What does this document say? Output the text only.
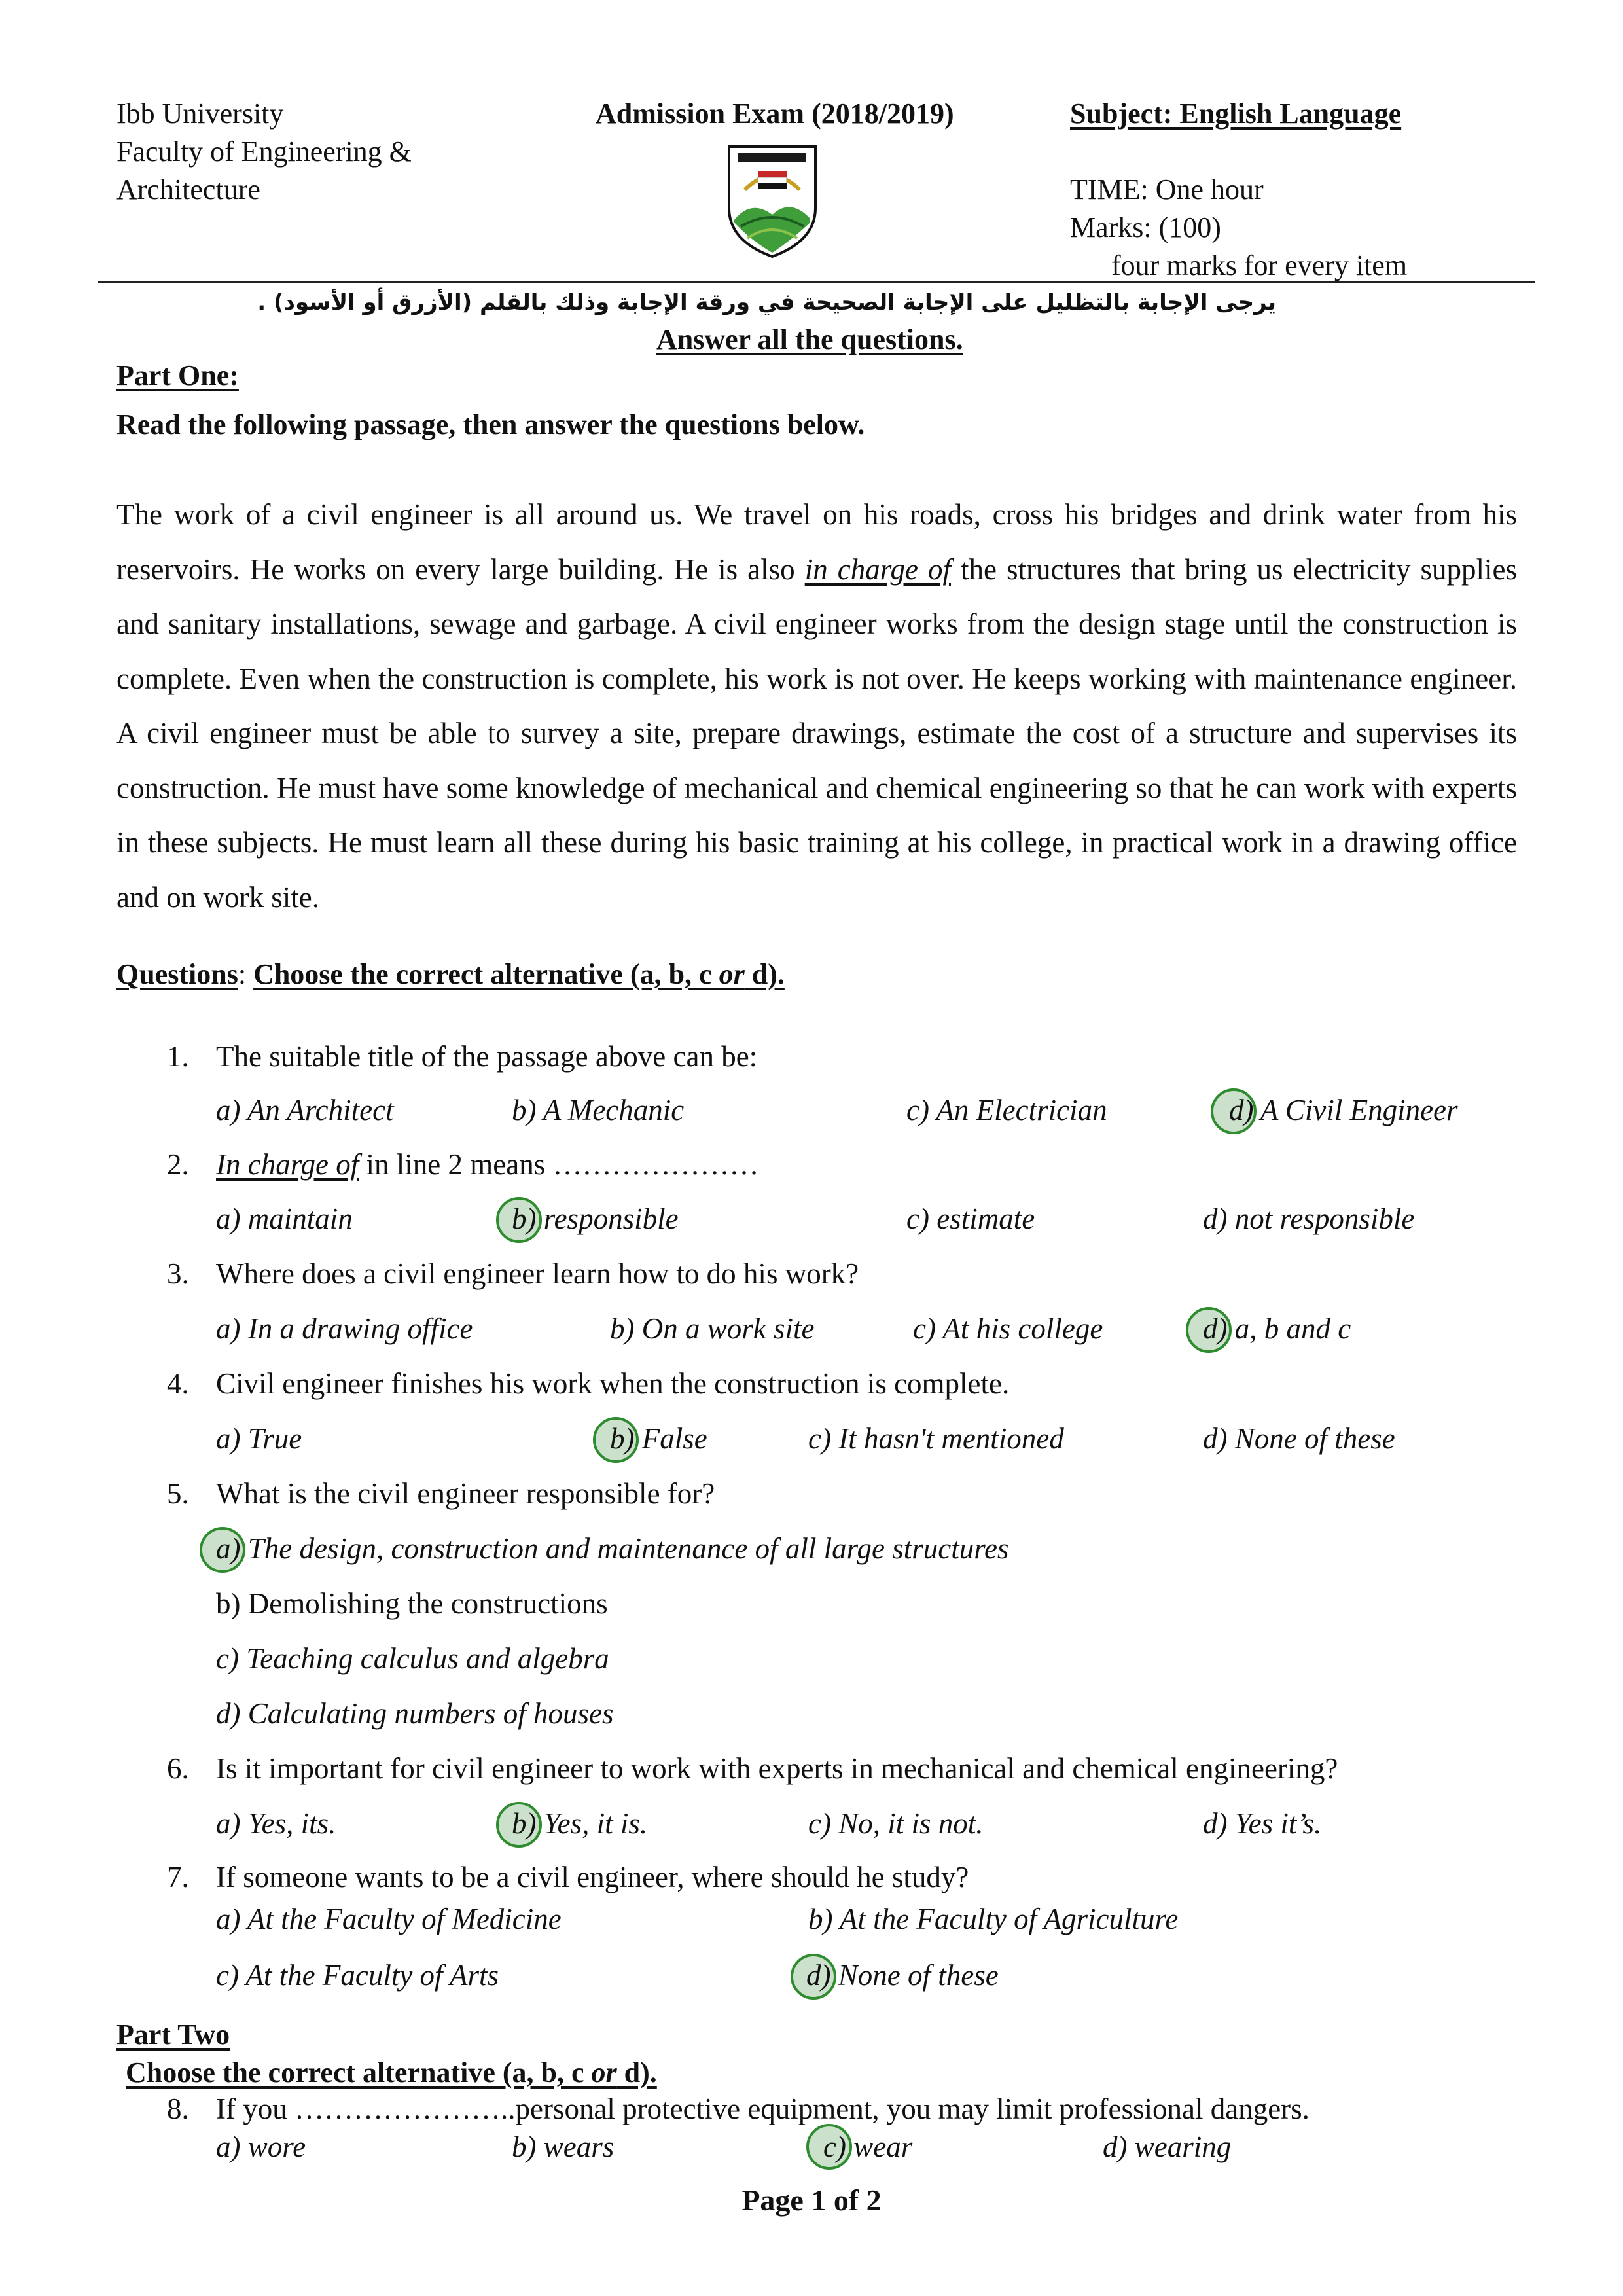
Ibb University
Faculty of Engineering &
Architecture
Admission Exam (2018/2019)	Subject: English Language
TIME: One hour
Marks: (100)
four marks for every item
يرجى الإجابة بالتظليل على الإجابة الصحيحة في ورقة الإجابة وذلك بالقلم (الأزرق أو الأسود) .
Answer all the questions.
Part One:
Read the following passage, then answer the questions below.
The work of a civil engineer is all around us. We travel on his roads, cross his bridges and drink water from his reservoirs. He works on every large building. He is also in charge of the structures that bring us electricity supplies and sanitary installations, sewage and garbage. A civil engineer works from the design stage until the construction is complete. Even when the construction is complete, his work is not over. He keeps working with maintenance engineer. A civil engineer must be able to survey a site, prepare drawings, estimate the cost of a structure and supervises its construction. He must have some knowledge of mechanical and chemical engineering so that he can work with experts in these subjects. He must learn all these during his basic training at his college, in practical work in a drawing office and on work site.
Questions: Choose the correct alternative (a, b, c or d).
1. The suitable title of the passage above can be:
a) An Architect	b) A Mechanic	c) An Electrician	d) A Civil Engineer
2. In charge of in line 2 means …………………
a) maintain	b) responsible	c) estimate	d) not responsible
3. Where does a civil engineer learn how to do his work?
a) In a drawing office	b) On a work site	c) At his college	d) a, b and c
4. Civil engineer finishes his work when the construction is complete.
a) True	b) False	c) It hasn't mentioned	d) None of these
5. What is the civil engineer responsible for?
a) The design, construction and maintenance of all large structures
b) Demolishing the constructions
c) Teaching calculus and algebra
d) Calculating numbers of houses
6. Is it important for civil engineer to work with experts in mechanical and chemical engineering?
a) Yes, its.	b) Yes, it is.	c) No, it is not.	d) Yes it’s.
7. If someone wants to be a civil engineer, where should he study?
a) At the Faculty of Medicine	b) At the Faculty of Agriculture
c) At the Faculty of Arts	d) None of these
Part Two
Choose the correct alternative (a, b, c or d).
8. If you …………………..personal protective equipment, you may limit professional dangers.
a) wore	b) wears	c) wear	d) wearing
Page 1 of 2
